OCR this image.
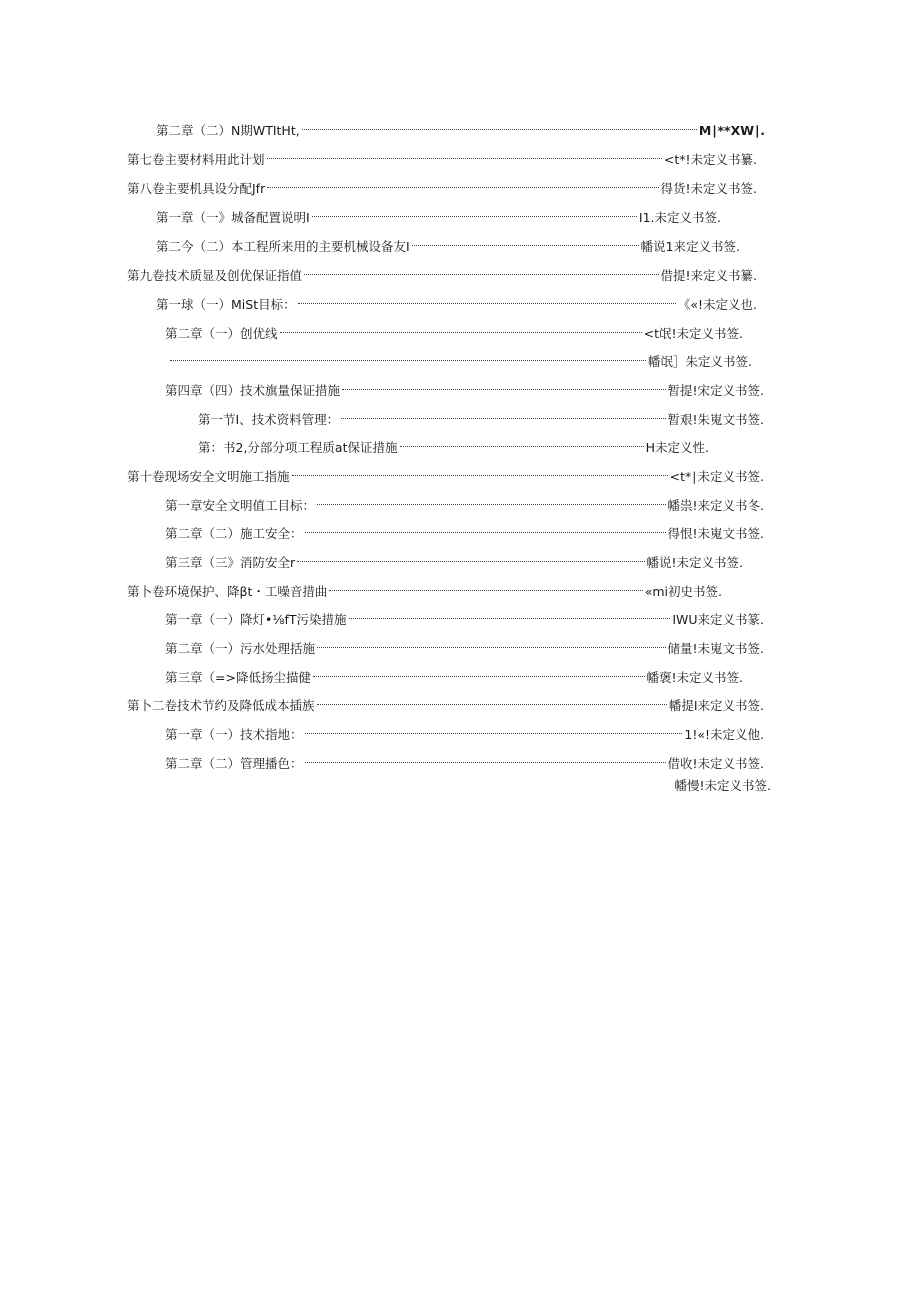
第二章（二）N期WTItHt,	M∣**XW∣.
第七卷主要材料用此计划	<t*!未定义书纂.
第八卷主要机具设分配Jfr	得货!未定义书签.
第一章（一》城备配置说明I	I1.未定义书签.
第二今（二）本工程所来用的主要机械设备友I	幡说1来定义书签.
第九卷技术质显及创优保证指值	借提!来定义书纂.
第一球（一）MiSt目标：	《«!未定义也.
第二章（一）创优线	<t氓!未定义书签.
幡氓］朱定义书签.
第四章（四）技术旗量保证措施	暂提!宋定义书签.
第一节I、技术资料管理：	暂艰!朱嵬文书签.
第：书2,分部分项工程质at保证措施	H未定义性.
第十卷现场安全文明施工指施	<t*∣未定义书签.
第一章安全文明值工目标：	幡祟!来定义书冬.
第二章（二）施工安全：	得恨!未嵬文书签.
第三章（三》消防安全r	幡说!未定义书签.
第卜卷环境保护、降βt・工噪音措曲	«mi初史书签.
第一章（一）降灯•⅛fT污染措施	IWU来定义书篆.
第二章（一）污水处理括施	储量!未嵬文书签.
第三章（=>降低扬尘描健	幡褒!未定义书签.
第卜二卷技术节约及降低成本插族	幡提I来定义书签.
第一章（一）技术指地：	1!«!未定义他.
第二章（二）管理播色：	借收!未定义书签.
幡慢!未定义书签.
